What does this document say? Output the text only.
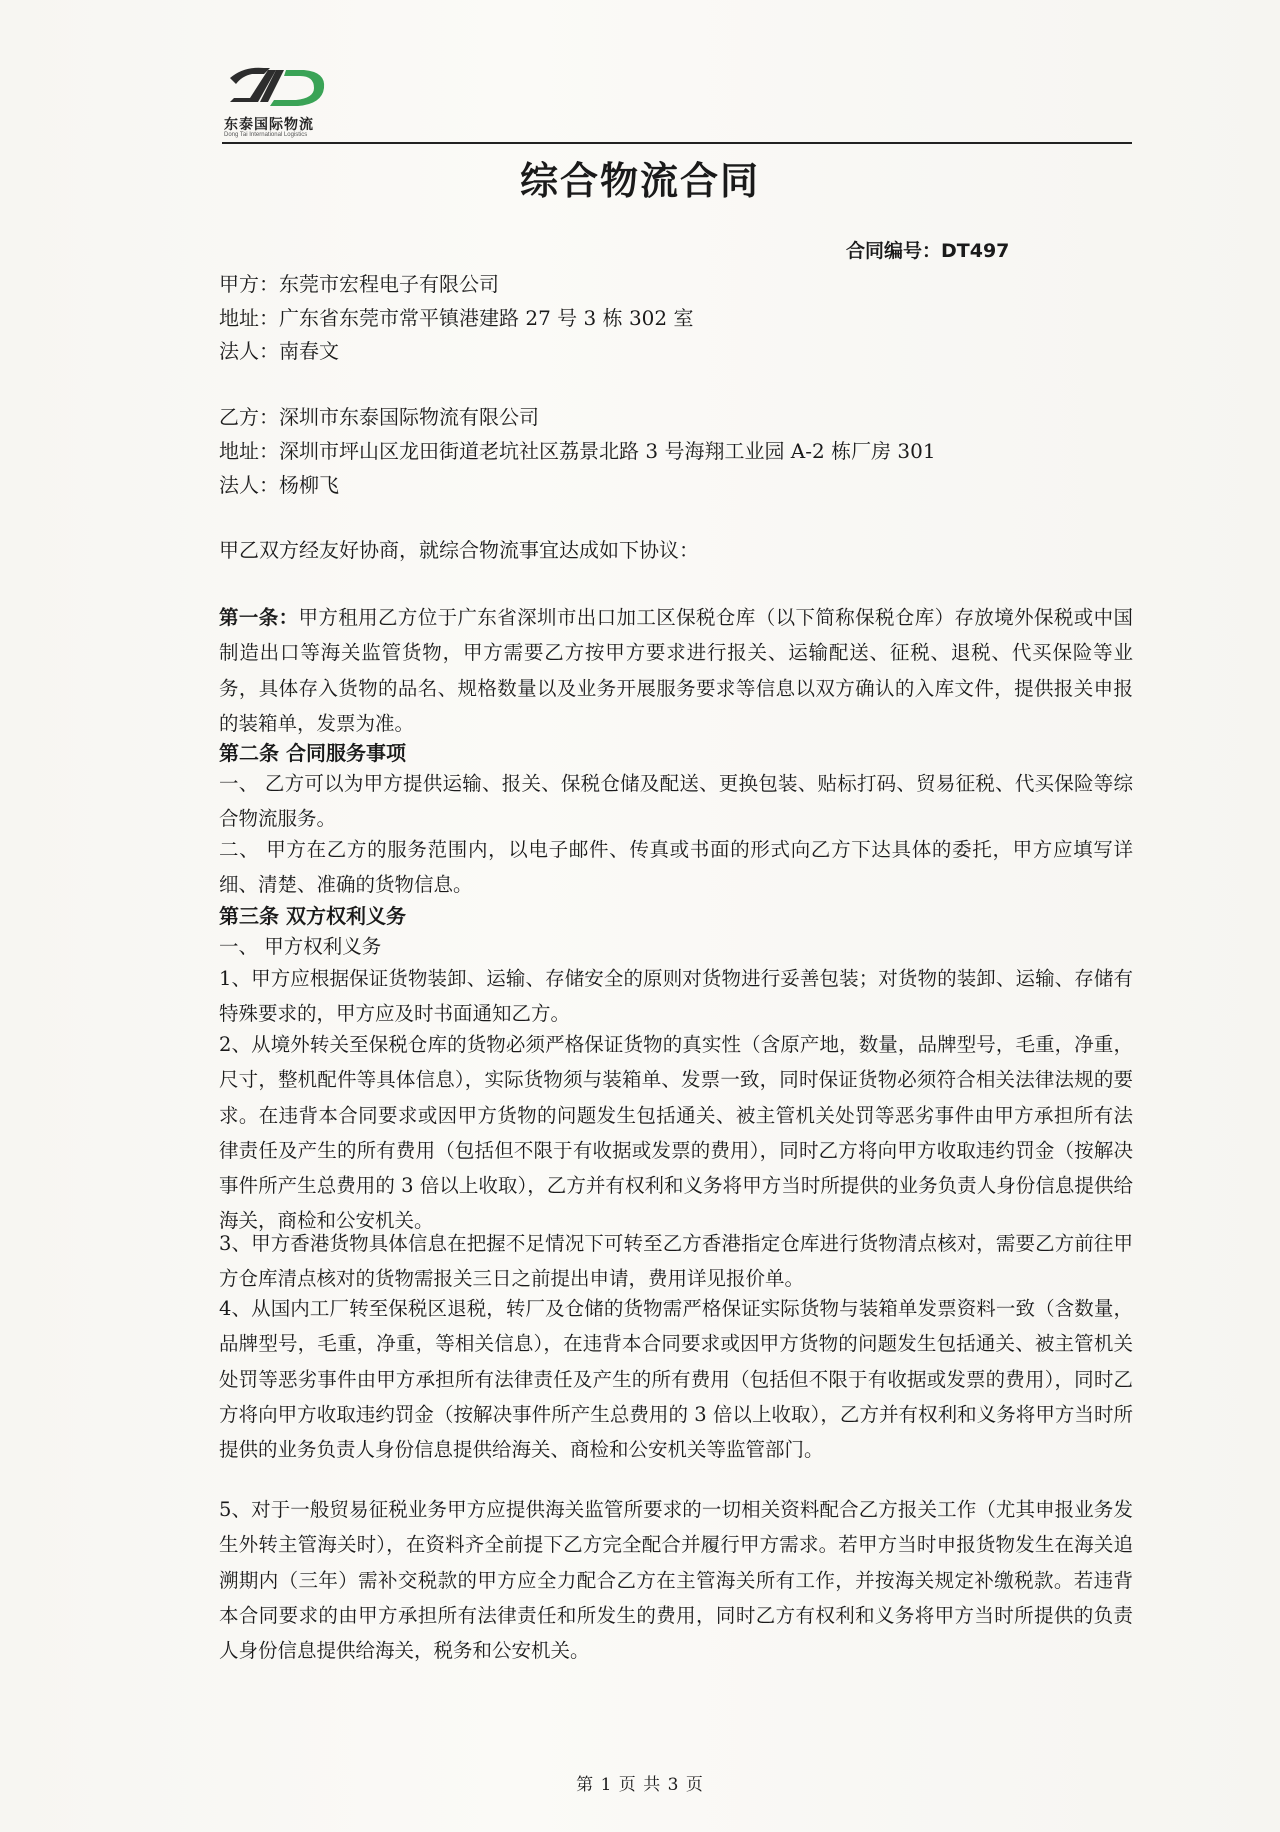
东泰国际物流
Dong Tai International Logistics
综合物流合同
合同编号：DT497
甲方：东莞市宏程电子有限公司
地址：广东省东莞市常平镇港建路 27 号 3 栋 302 室
法人：南春文
乙方：深圳市东泰国际物流有限公司
地址：深圳市坪山区龙田街道老坑社区荔景北路 3 号海翔工业园 A-2 栋厂房 301
法人：杨柳飞
甲乙双方经友好协商，就综合物流事宜达成如下协议：
第一条：甲方租用乙方位于广东省深圳市出口加工区保税仓库（以下简称保税仓库）存放境外保税或中国制造出口等海关监管货物，甲方需要乙方按甲方要求进行报关、运输配送、征税、退税、代买保险等业务，具体存入货物的品名、规格数量以及业务开展服务要求等信息以双方确认的入库文件，提供报关申报的装箱单，发票为准。
第二条 合同服务事项
一、 乙方可以为甲方提供运输、报关、保税仓储及配送、更换包装、贴标打码、贸易征税、代买保险等综合物流服务。
二、 甲方在乙方的服务范围内，以电子邮件、传真或书面的形式向乙方下达具体的委托，甲方应填写详细、清楚、准确的货物信息。
第三条 双方权利义务
一、 甲方权利义务
1、甲方应根据保证货物装卸、运输、存储安全的原则对货物进行妥善包装；对货物的装卸、运输、存储有特殊要求的，甲方应及时书面通知乙方。
2、从境外转关至保税仓库的货物必须严格保证货物的真实性（含原产地，数量，品牌型号，毛重，净重，尺寸，整机配件等具体信息），实际货物须与装箱单、发票一致，同时保证货物必须符合相关法律法规的要求。在违背本合同要求或因甲方货物的问题发生包括通关、被主管机关处罚等恶劣事件由甲方承担所有法律责任及产生的所有费用（包括但不限于有收据或发票的费用），同时乙方将向甲方收取违约罚金（按解决事件所产生总费用的 3 倍以上收取），乙方并有权利和义务将甲方当时所提供的业务负责人身份信息提供给海关，商检和公安机关。
3、甲方香港货物具体信息在把握不足情况下可转至乙方香港指定仓库进行货物清点核对，需要乙方前往甲方仓库清点核对的货物需报关三日之前提出申请，费用详见报价单。
4、从国内工厂转至保税区退税，转厂及仓储的货物需严格保证实际货物与装箱单发票资料一致（含数量，品牌型号，毛重，净重，等相关信息），在违背本合同要求或因甲方货物的问题发生包括通关、被主管机关处罚等恶劣事件由甲方承担所有法律责任及产生的所有费用（包括但不限于有收据或发票的费用），同时乙方将向甲方收取违约罚金（按解决事件所产生总费用的 3 倍以上收取），乙方并有权利和义务将甲方当时所提供的业务负责人身份信息提供给海关、商检和公安机关等监管部门。
5、对于一般贸易征税业务甲方应提供海关监管所要求的一切相关资料配合乙方报关工作（尤其申报业务发生外转主管海关时），在资料齐全前提下乙方完全配合并履行甲方需求。若甲方当时申报货物发生在海关追溯期内（三年）需补交税款的甲方应全力配合乙方在主管海关所有工作，并按海关规定补缴税款。若违背本合同要求的由甲方承担所有法律责任和所发生的费用，同时乙方有权利和义务将甲方当时所提供的负责人身份信息提供给海关，税务和公安机关。
第 1 页 共 3 页
